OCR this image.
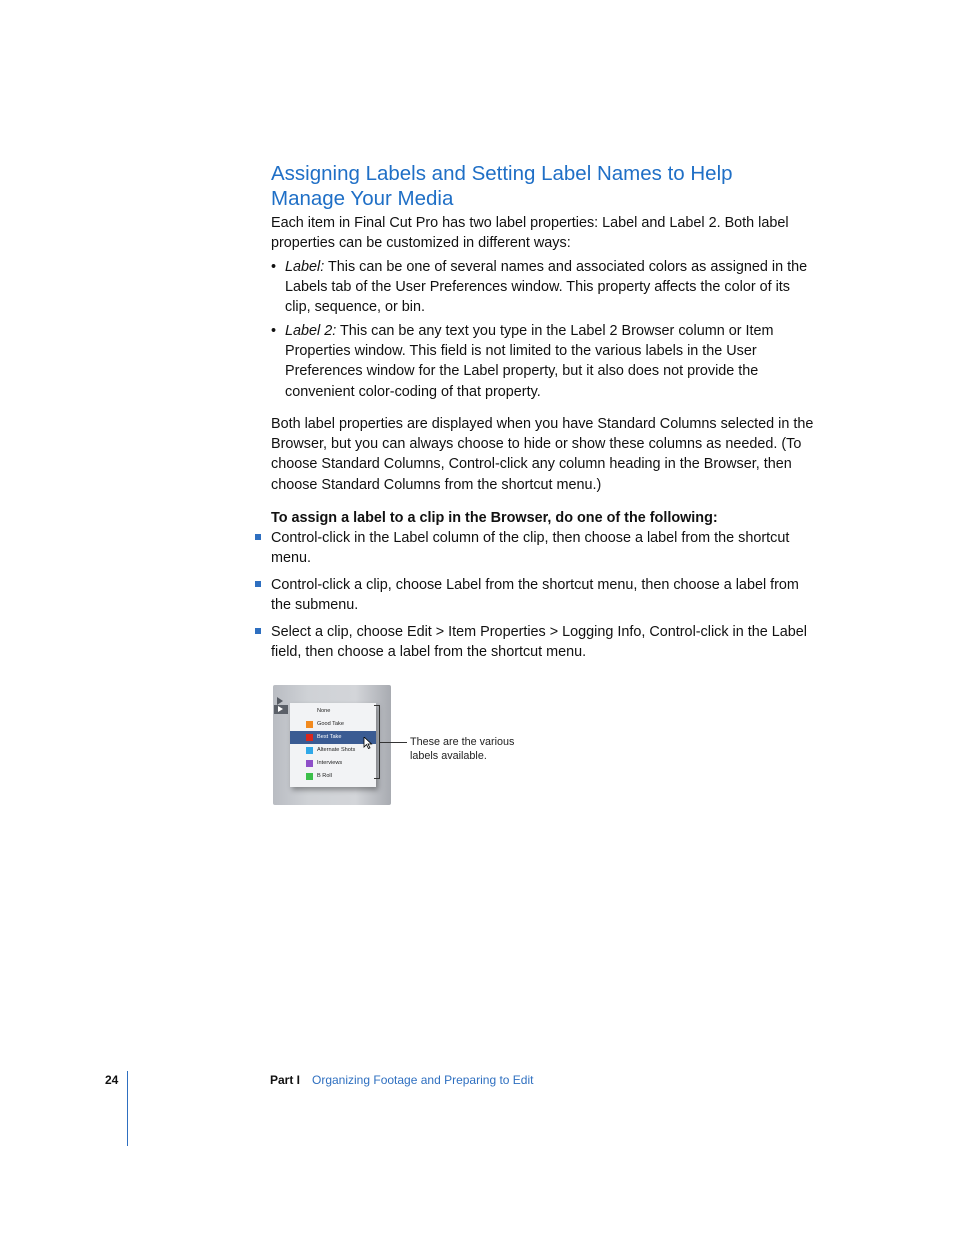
Assigning Labels and Setting Label Names to Help Manage Your Media

Each item in Final Cut Pro has two label properties: Label and Label 2. Both label properties can be customized in different ways:

• Label: This can be one of several names and associated colors as assigned in the Labels tab of the User Preferences window. This property affects the color of its clip, sequence, or bin.
• Label 2: This can be any text you type in the Label 2 Browser column or Item Properties window. This field is not limited to the various labels in the User Preferences window for the Label property, but it also does not provide the convenient color-coding of that property.

Both label properties are displayed when you have Standard Columns selected in the Browser, but you can always choose to hide or show these columns as needed. (To choose Standard Columns, Control-click any column heading in the Browser, then choose Standard Columns from the shortcut menu.)

To assign a label to a clip in the Browser, do one of the following:
Control-click in the Label column of the clip, then choose a label from the shortcut menu.
Control-click a clip, choose Label from the shortcut menu, then choose a label from the submenu.
Select a clip, choose Edit > Item Properties > Logging Info, Control-click in the Label field, then choose a label from the shortcut menu.
None
Good Take
Best Take
Alternate Shots
Interviews
B Roll
These are the various labels available.
24	Part I Organizing Footage and Preparing to Edit
